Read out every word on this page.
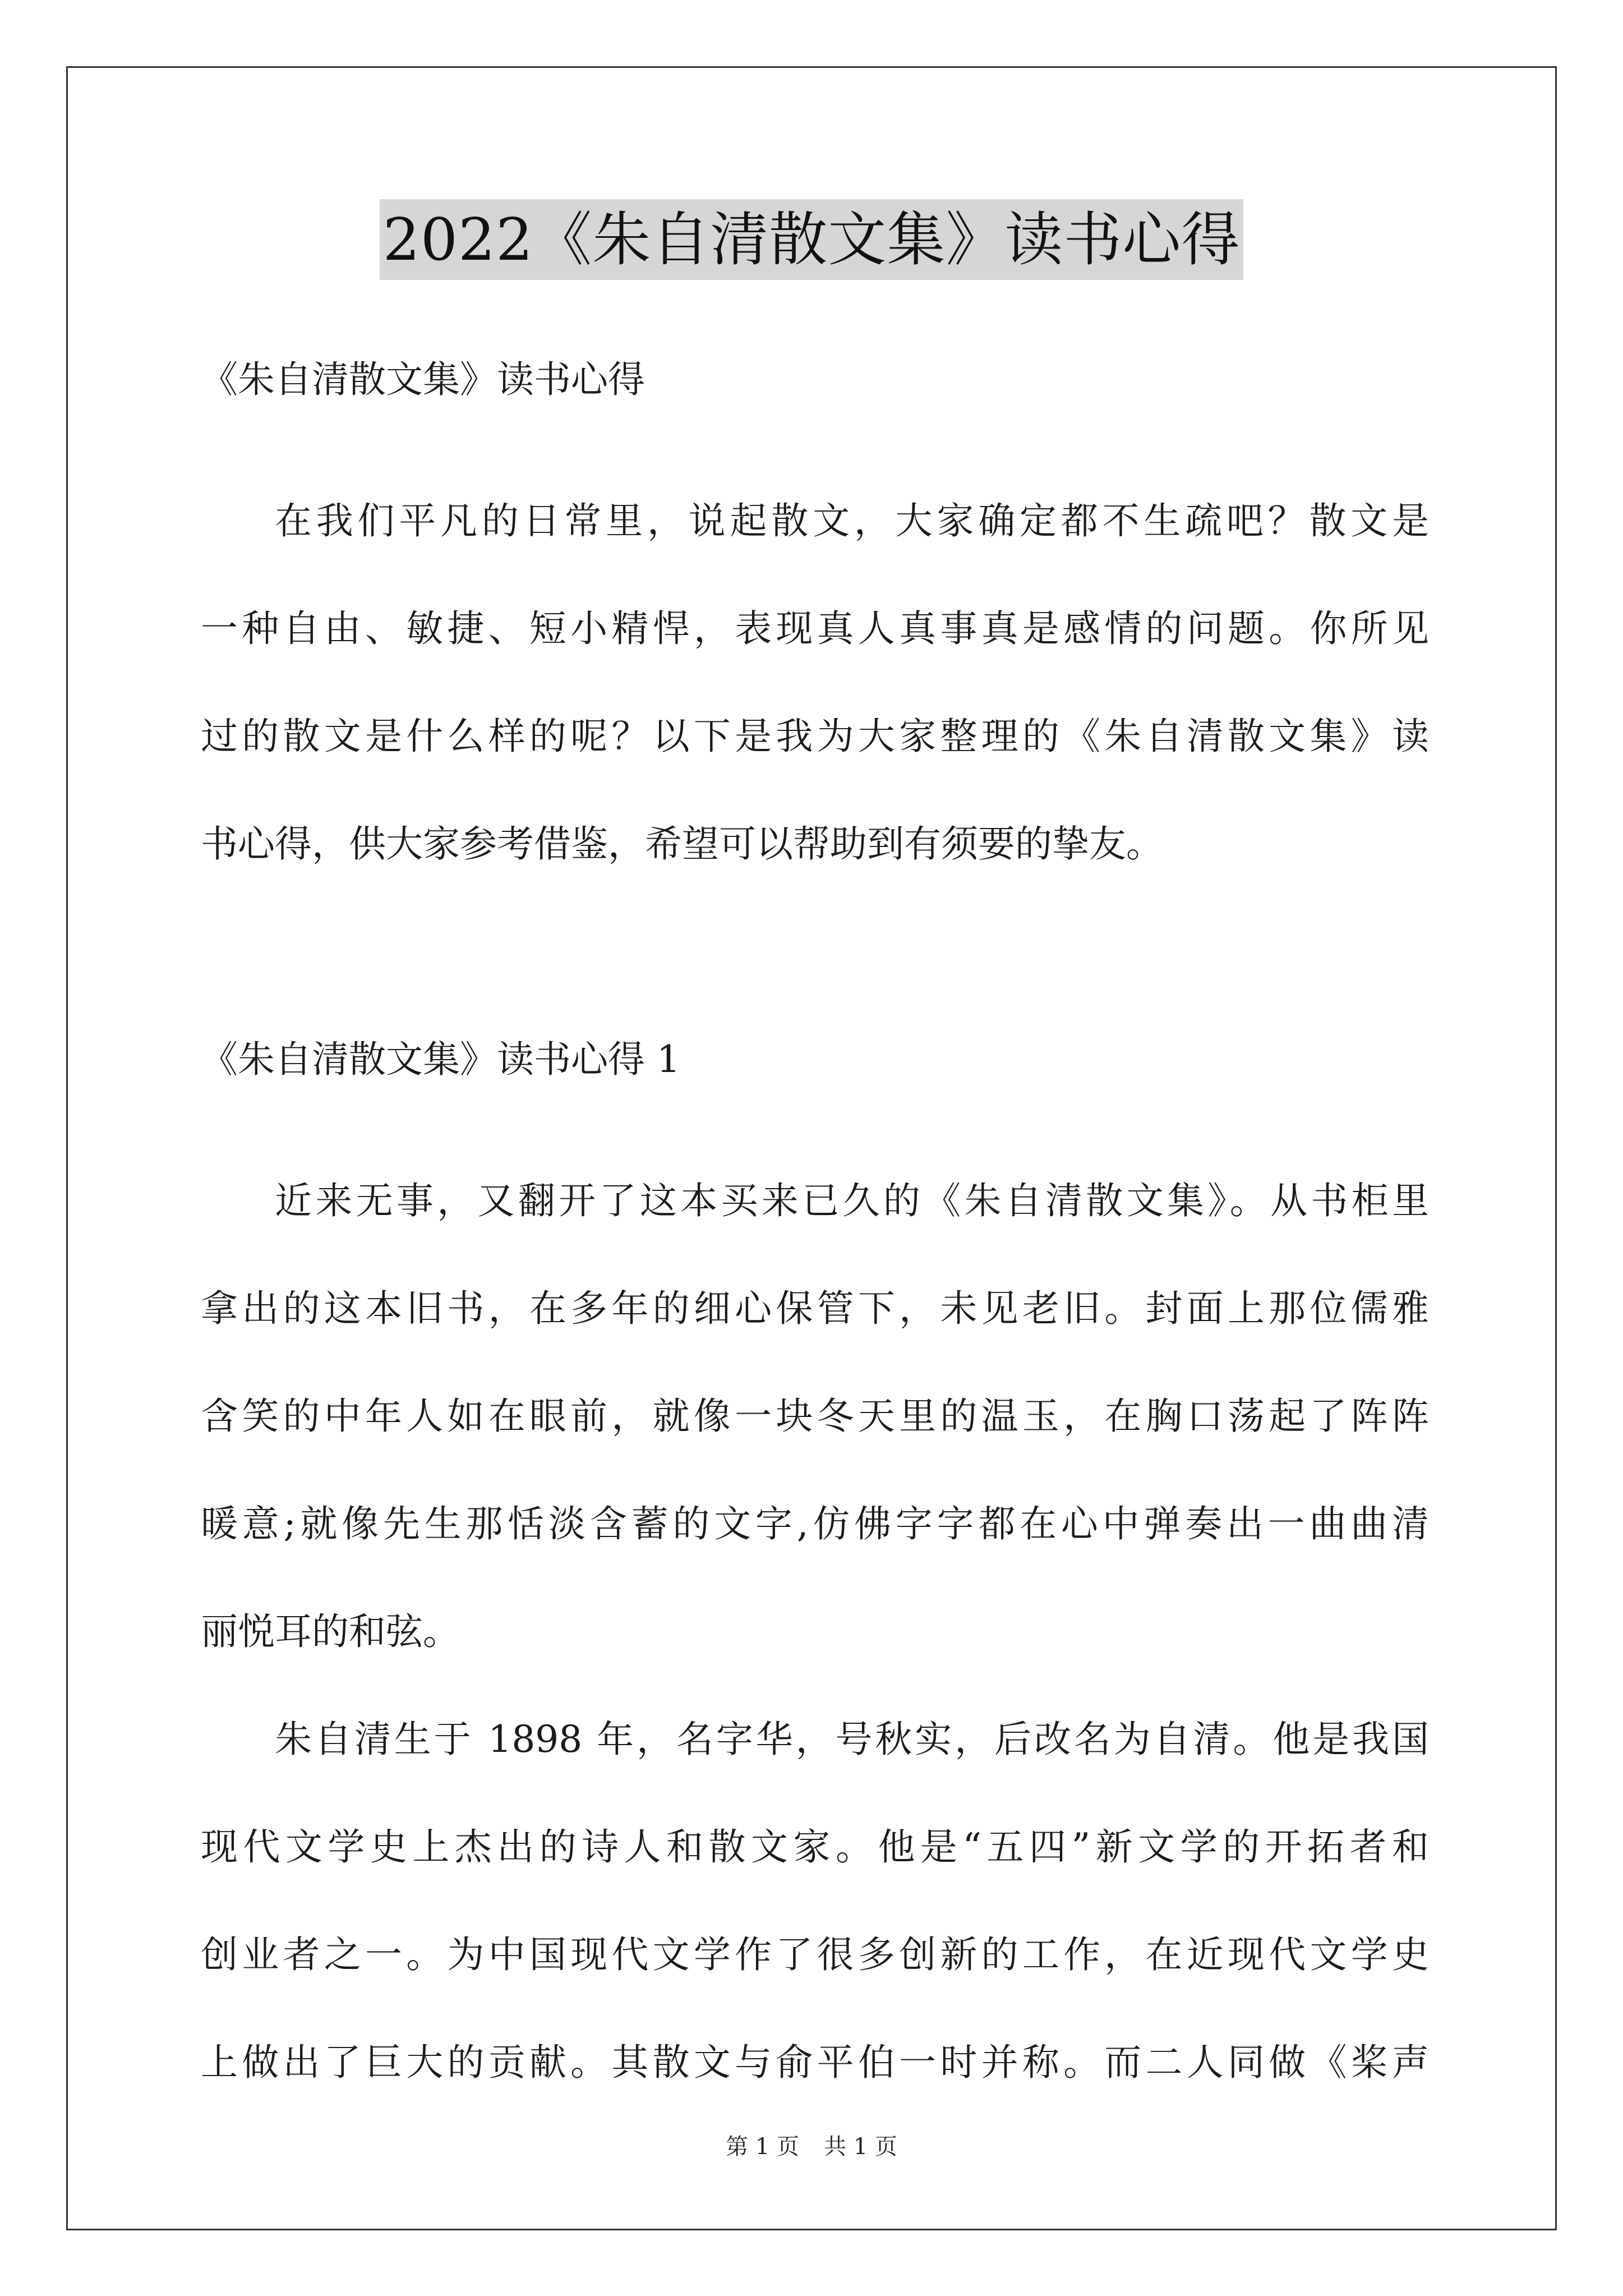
2022《朱自清散文集》读书心得
《朱自清散文集》读书心得
在我们平凡的日常里，说起散文，大家确定都不生疏吧？散文是
一种自由、敏捷、短小精悍，表现真人真事真是感情的问题。你所见
过的散文是什么样的呢？以下是我为大家整理的《朱自清散文集》读
书心得，供大家参考借鉴，希望可以帮助到有须要的挚友。
《朱自清散文集》读书心得 1
近来无事，又翻开了这本买来已久的《朱自清散文集》。从书柜里
拿出的这本旧书，在多年的细心保管下，未见老旧。封面上那位儒雅
含笑的中年人如在眼前，就像一块冬天里的温玉，在胸口荡起了阵阵
暖意;就像先生那恬淡含蓄的文字,仿佛字字都在心中弹奏出一曲曲清
丽悦耳的和弦。
朱自清生于 1898 年，名字华，号秋实，后改名为自清。他是我国
现代文学史上杰出的诗人和散文家。他是“五四”新文学的开拓者和
创业者之一。为中国现代文学作了很多创新的工作，在近现代文学史
上做出了巨大的贡献。其散文与俞平伯一时并称。而二人同做《桨声
第 1 页 共 1 页
